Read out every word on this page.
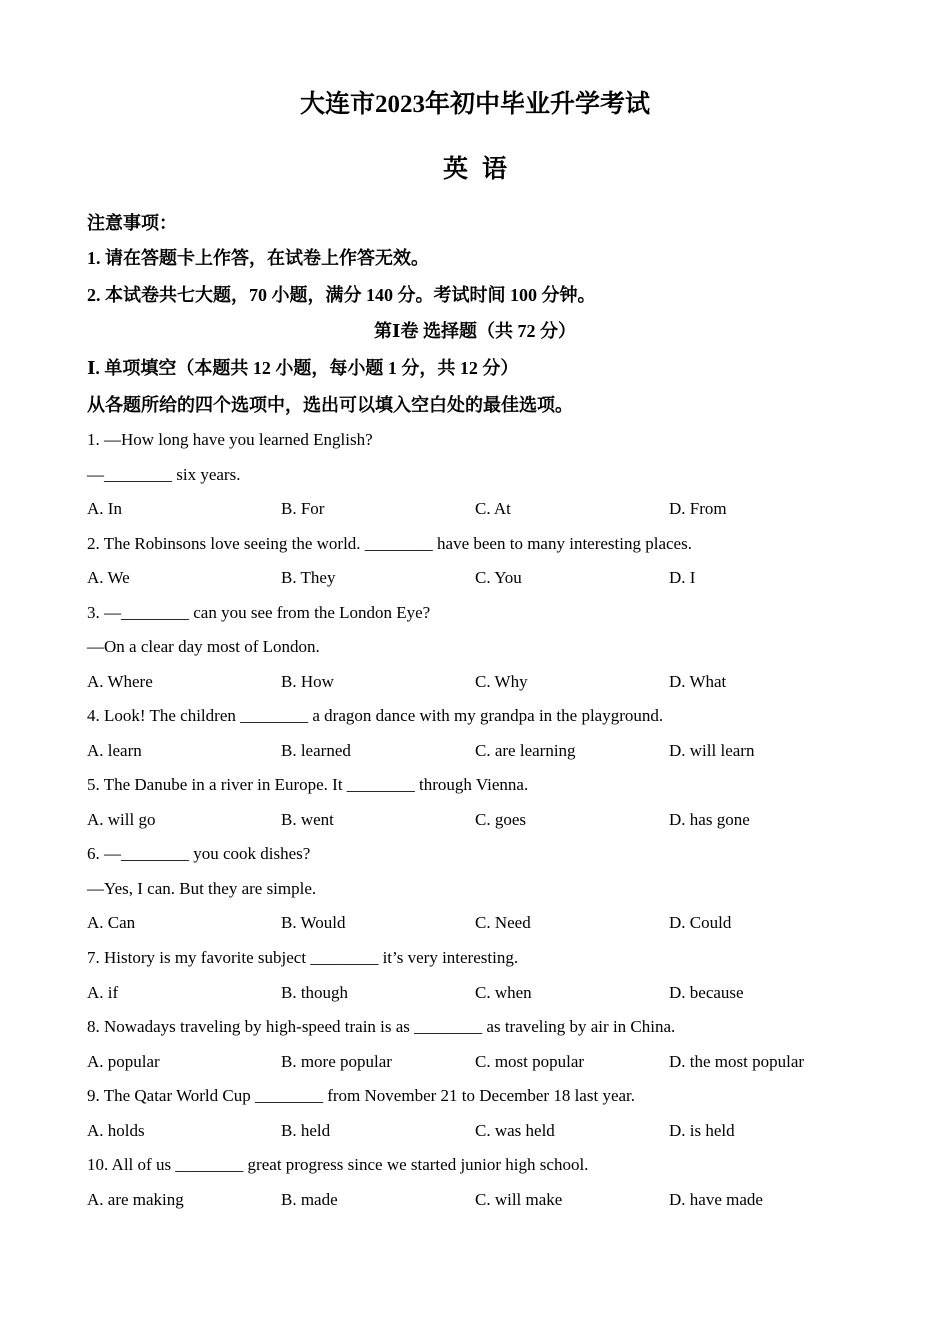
大连市2023年初中毕业升学考试
英语
注意事项：
1. 请在答题卡上作答，在试卷上作答无效。
2. 本试卷共七大题，70 小题，满分 140 分。考试时间 100 分钟。
第Ⅰ卷 选择题（共 72 分）
Ⅰ. 单项填空（本题共 12 小题，每小题 1 分，共 12 分）
从各题所给的四个选项中，选出可以填入空白处的最佳选项。
1. —How long have you learned English?
—________ six years.
A. In	B. For	C. At	D. From
2. The Robinsons love seeing the world. ________ have been to many interesting places.
A. We	B. They	C. You	D. I
3. —________ can you see from the London Eye?
—On a clear day most of London.
A. Where	B. How	C. Why	D. What
4. Look! The children ________ a dragon dance with my grandpa in the playground.
A. learn	B. learned	C. are learning	D. will learn
5. The Danube in a river in Europe. It ________ through Vienna.
A. will go	B. went	C. goes	D. has gone
6. —________ you cook dishes?
—Yes, I can. But they are simple.
A. Can	B. Would	C. Need	D. Could
7. History is my favorite subject ________ it’s very interesting.
A. if	B. though	C. when	D. because
8. Nowadays traveling by high-speed train is as ________ as traveling by air in China.
A. popular	B. more popular	C. most popular	D. the most popular
9. The Qatar World Cup ________ from November 21 to December 18 last year.
A. holds	B. held	C. was held	D. is held
10. All of us ________ great progress since we started junior high school.
A. are making	B. made	C. will make	D. have made
